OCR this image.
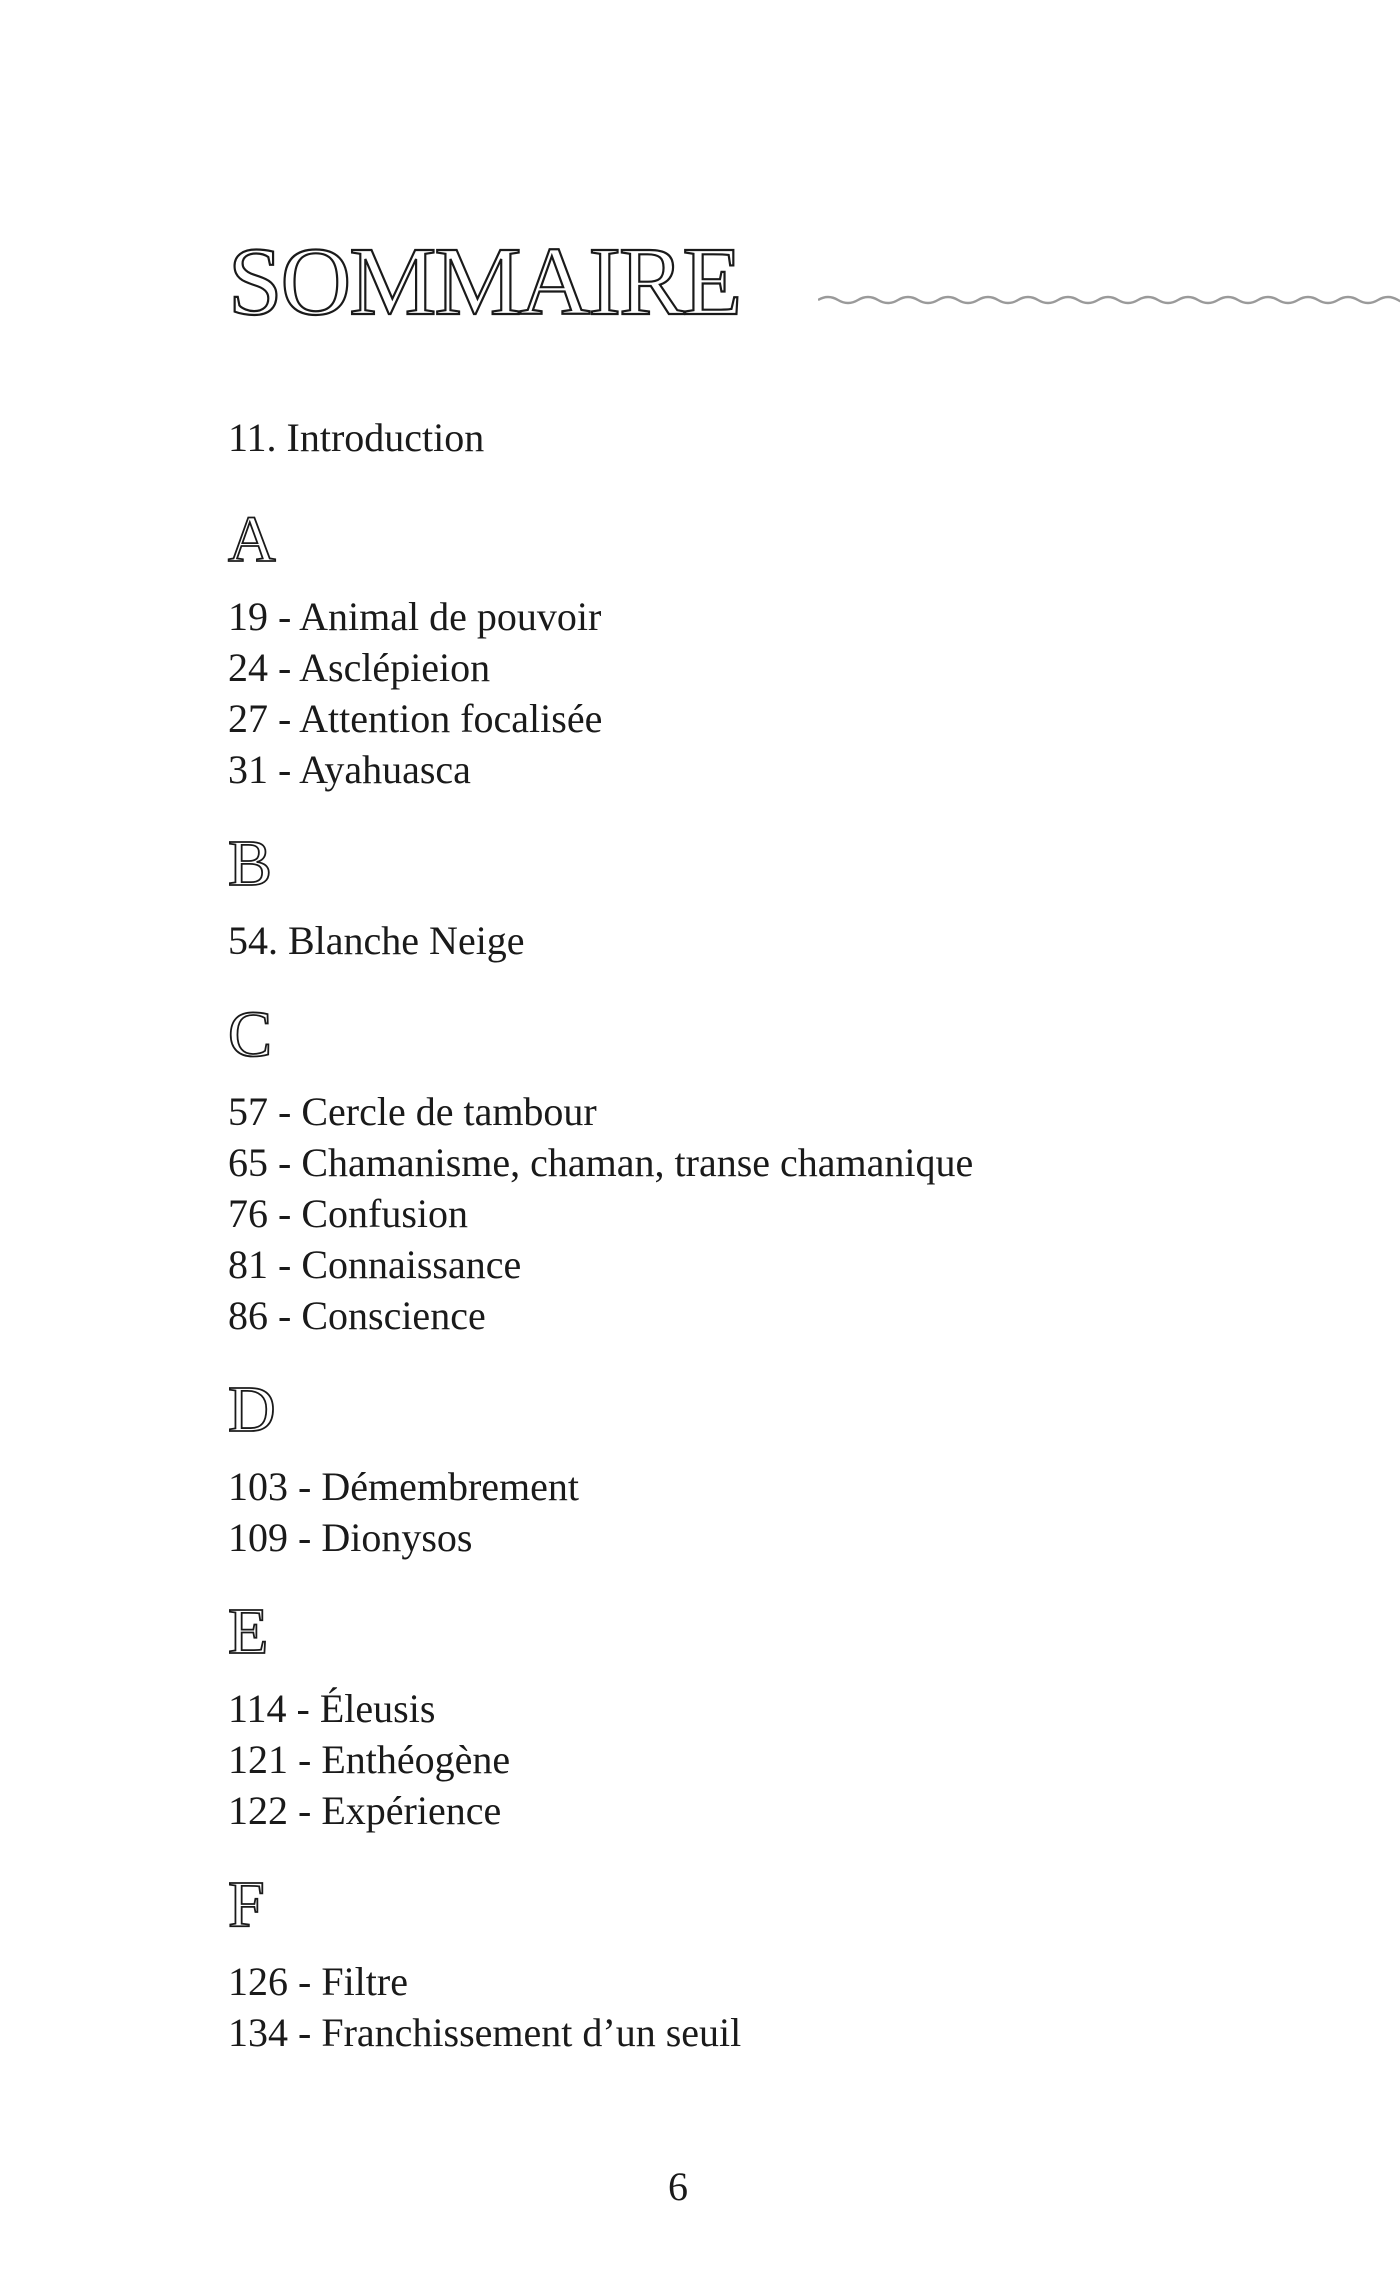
SOMMAIRE
11. Introduction
A
19 - Animal de pouvoir
24 - Asclépieion
27 - Attention focalisée
31 - Ayahuasca
B
54. Blanche Neige
C
57 - Cercle de tambour
65 - Chamanisme, chaman, transe chamanique
76 - Confusion
81 - Connaissance
86 - Conscience
D
103 - Démembrement
109 - Dionysos
E
114 - Éleusis
121 - Enthéogène
122 - Expérience
F
126 - Filtre
134 - Franchissement d’un seuil
6
